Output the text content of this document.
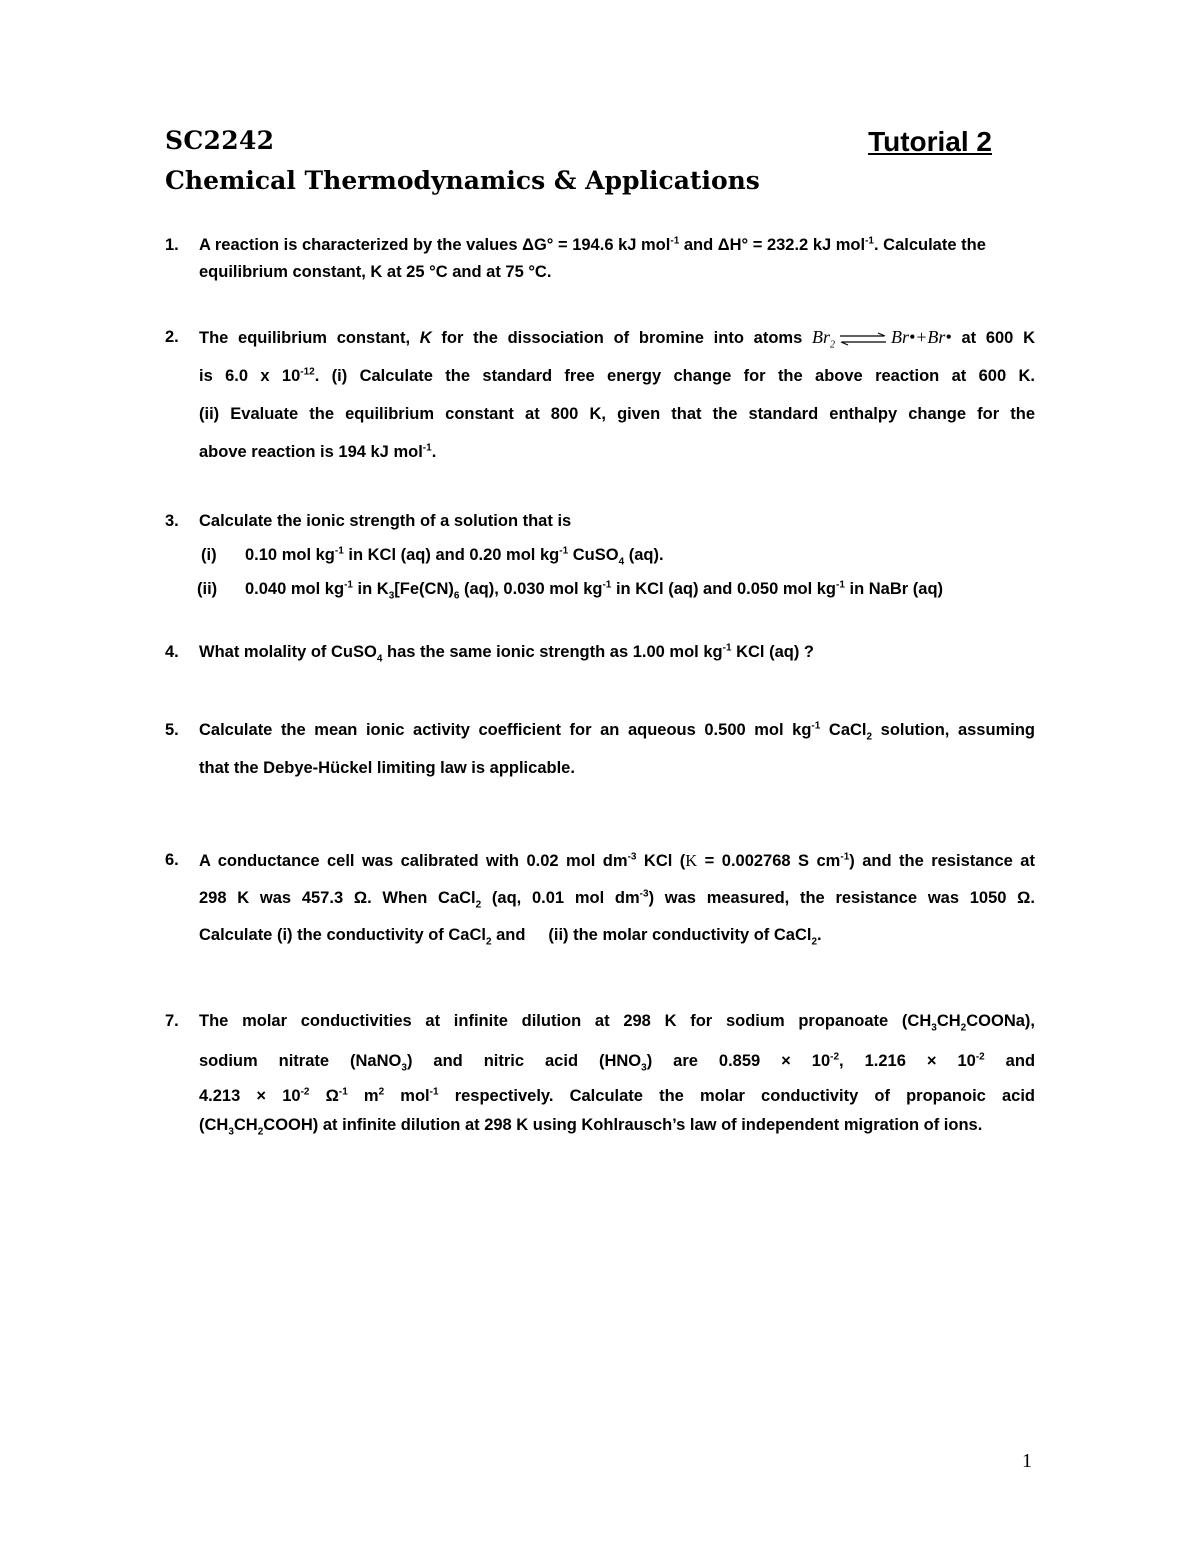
SC2242	Tutorial 2

Chemical Thermodynamics & Applications

1.	A reaction is characterized by the values ΔG° = 194.6 kJ mol$^{-1}$ and ΔH° = 232.2 kJ mol$^{-1}$. Calculate the equilibrium constant, K at 25 °C and at 75 °C.
2.	The equilibrium constant, K for the dissociation of bromine into atoms $Br_2$ ⇌ Br•+Br• at 600 K
is 6.0 x $10^{-12}$. (i) Calculate the standard free energy change for the above reaction at 600 K.
(ii) Evaluate the equilibrium constant at 800 K, given that the standard enthalpy change for the
above reaction is 194 kJ mol$^{-1}$.
3.	Calculate the ionic strength of a solution that is
(i)	0.10 mol $kg^{-1}$ in KCl (aq) and 0.20 mol $kg^{-1}$ CuSO$_4$ (aq).
(ii)	0.040 mol $kg^{-1}$ in $K_3[Fe(CN)_6$ (aq), 0.030 mol $kg^{-1}$ in KCl (aq) and 0.050 mol $kg^{-1}$ in NaBr (aq)
4.	What molality of CuSO$_4$ has the same ionic strength as 1.00 mol $kg^{-1}$ KCl (aq) ?
5.	Calculate the mean ionic activity coefficient for an aqueous 0.500 mol $kg^{-1}$ CaCl$_2$ solution, assuming
that the Debye-Hückel limiting law is applicable.
6.	A conductance cell was calibrated with 0.02 mol $dm^{-3}$ KCl (K = 0.002768 S $cm^{-1}$) and the resistance at
298 K was 457.3 Ω. When CaCl$_2$ (aq, 0.01 mol $dm^{-3}$) was measured, the resistance was 1050 Ω.
Calculate (i) the conductivity of CaCl$_2$ and     (ii) the molar conductivity of CaCl$_2$.
7.	The molar conductivities at infinite dilution at 298 K for sodium propanoate $(CH_3CH_2COONa)$,
sodium nitrate (NaNO$_3$) and nitric acid $(HNO_3)$ are $0.859 \times 10^{-2}$, $1.216 \times 10^{-2}$ and
$4.213 \times 10^{-2}$ $\Omega^{-1}$ $m^2$ mol$^{-1}$ respectively. Calculate the molar conductivity of propanoic acid
$(CH_3CH_2COOH)$ at infinite dilution at 298 K using Kohlrausch’s law of independent migration of ions.

1
